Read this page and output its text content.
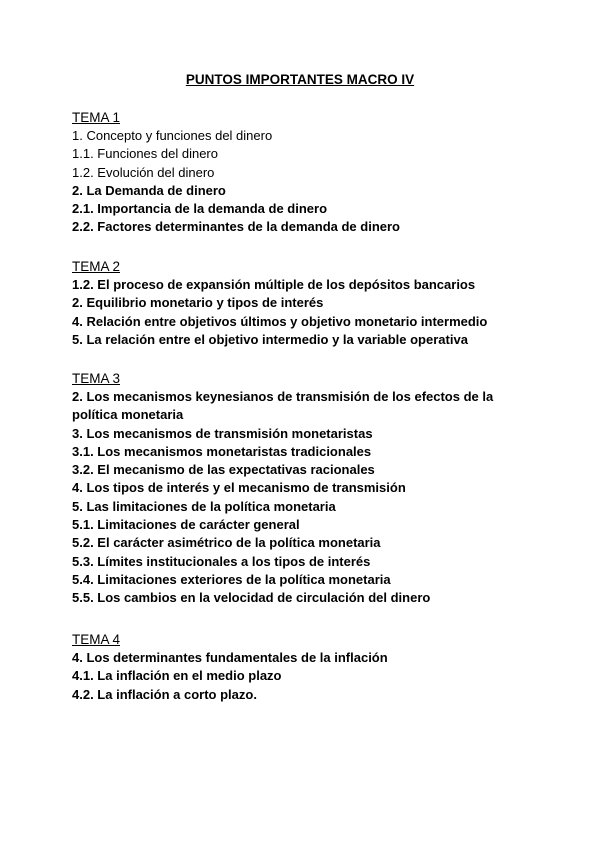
PUNTOS IMPORTANTES MACRO IV
TEMA 1
1. Concepto y funciones del dinero
1.1. Funciones del dinero
1.2. Evolución del dinero
2. La Demanda de dinero
2.1. Importancia de la demanda de dinero
2.2. Factores determinantes de la demanda de dinero
TEMA 2
1.2. El proceso de expansión múltiple de los depósitos bancarios
2. Equilibrio monetario y tipos de interés
4. Relación entre objetivos últimos y objetivo monetario intermedio
5. La relación entre el objetivo intermedio y la variable operativa
TEMA 3
2. Los mecanismos keynesianos de transmisión de los efectos de la política monetaria
3. Los mecanismos de transmisión monetaristas
3.1. Los mecanismos monetaristas tradicionales
3.2. El mecanismo de las expectativas racionales
4. Los tipos de interés y el mecanismo de transmisión
5. Las limitaciones de la política monetaria
5.1. Limitaciones de carácter general
5.2. El carácter asimétrico de la política monetaria
5.3. Límites institucionales a los tipos de interés
5.4. Limitaciones exteriores de la política monetaria
5.5. Los cambios en la velocidad de circulación del dinero
TEMA 4
4. Los determinantes fundamentales de la inflación
4.1. La inflación en el medio plazo
4.2. La inflación a corto plazo.
